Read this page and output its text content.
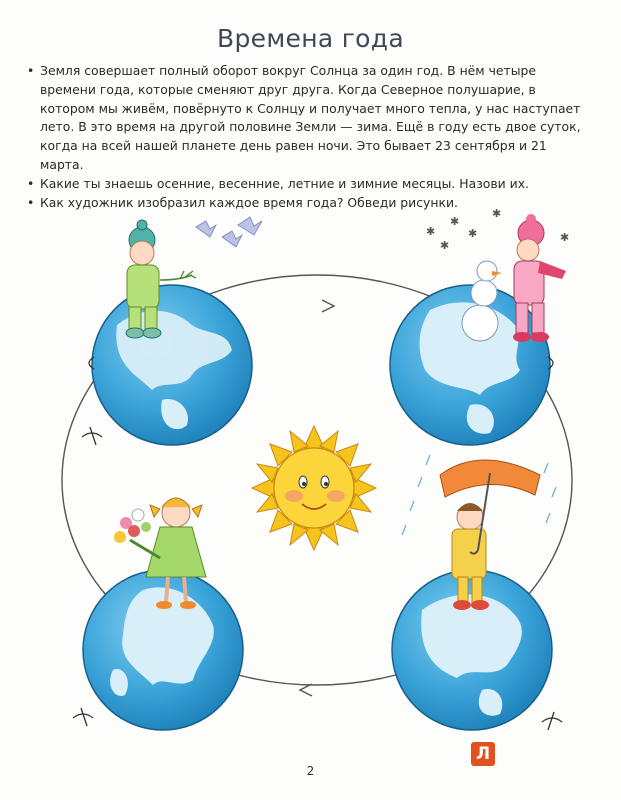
Времена года
• Земля совершает полный оборот вокруг Солнца за один год. В нём четыре времени года, которые сменяют друг друга. Когда Северное полушарие, в котором мы живём, повёрнуто к Солнцу и получает много тепла, у нас наступает лето. В это время на другой половине Земли — зима. Ещё в году есть двое суток, когда на всей нашей планете день равен ночи. Это бывает 23 сентября и 21 марта.
• Какие ты знаешь осенние, весенние, летние и зимние месяцы. Назови их.
• Как художник изобразил каждое время года? Обведи рисунки.
✱
✱
✱
✱
✱	✱
2
Л
